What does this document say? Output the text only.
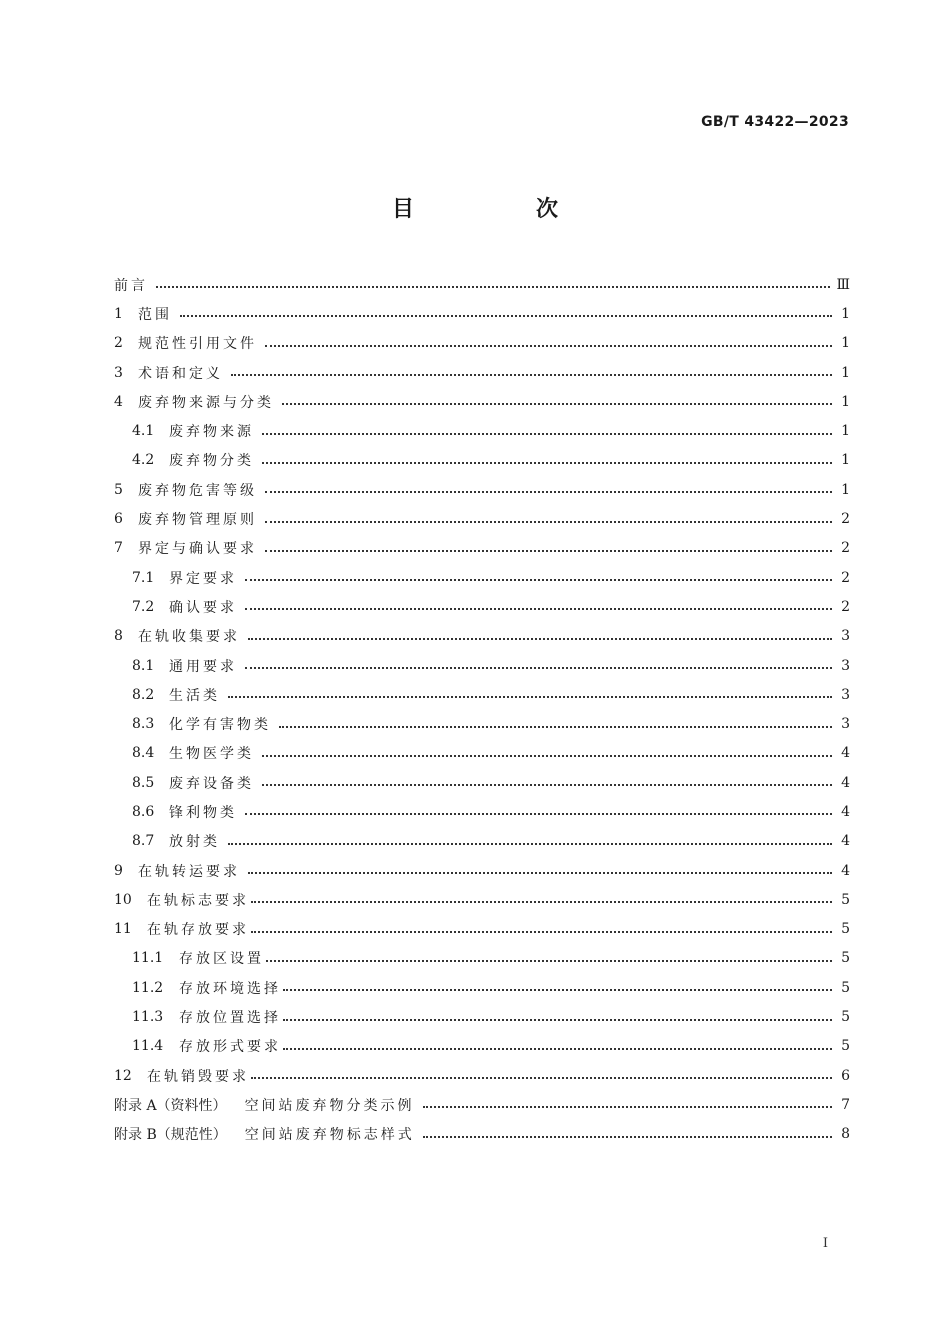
GB/T 43422—2023
目　次
前言	Ⅲ
1	范围	1
2	规范性引用文件	1
3	术语和定义	1
4	废弃物来源与分类	1
4.1	废弃物来源	1
4.2	废弃物分类	1
5	废弃物危害等级	1
6	废弃物管理原则	2
7	界定与确认要求	2
7.1	界定要求	2
7.2	确认要求	2
8	在轨收集要求	3
8.1	通用要求	3
8.2	生活类	3
8.3	化学有害物类	3
8.4	生物医学类	4
8.5	废弃设备类	4
8.6	锋利物类	4
8.7	放射类	4
9	在轨转运要求	4
10	在轨标志要求	5
11	在轨存放要求	5
11.1	存放区设置	5
11.2	存放环境选择	5
11.3	存放位置选择	5
11.4	存放形式要求	5
12	在轨销毁要求	6
附录 A（资料性） 空间站废弃物分类示例	7
附录 B（规范性） 空间站废弃物标志样式	8
Ⅰ
